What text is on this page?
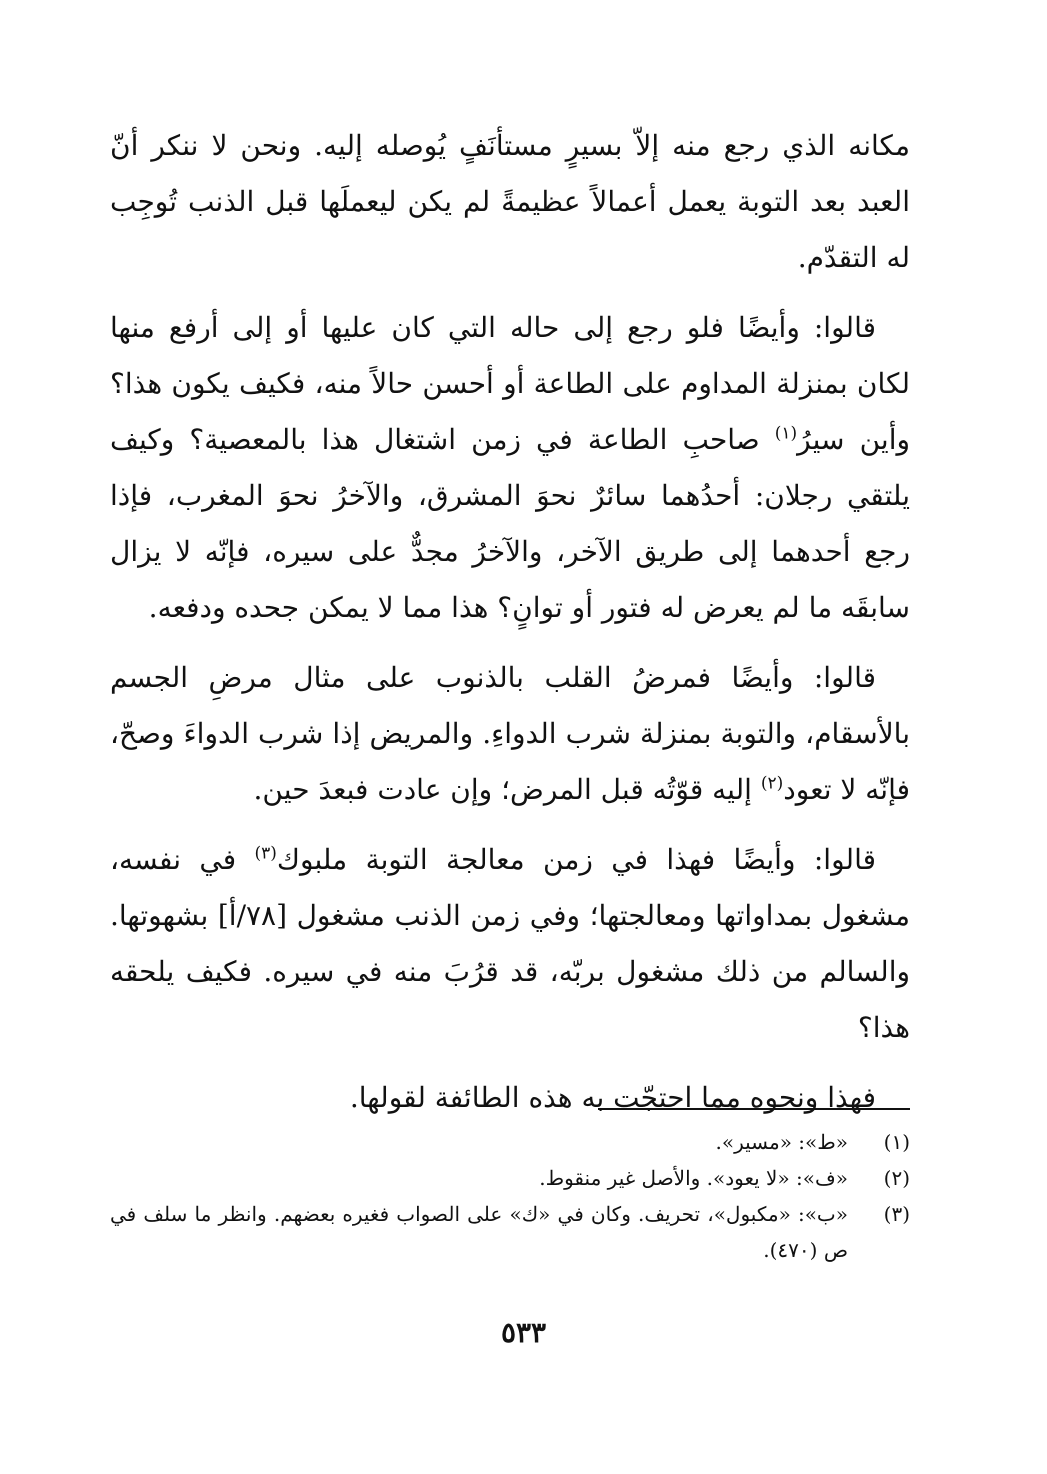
مكانه الذي رجع منه إلاّ بسيرٍ مستأنَفٍ يُوصله إليه. ونحن لا ننكر أنّ العبد بعد التوبة يعمل أعمالاً عظيمةً لم يكن ليعملَها قبل الذنب تُوجِب له التقدّم.

قالوا: وأيضًا فلو رجع إلى حاله التي كان عليها أو إلى أرفع منها لكان بمنزلة المداوم على الطاعة أو أحسن حالاً منه، فكيف يكون هذا؟ وأين سيرُ$^{(١)}$ صاحبِ الطاعة في زمن اشتغال هذا بالمعصية؟ وكيف يلتقي رجلان: أحدُهما سائرٌ نحوَ المشرق، والآخرُ نحوَ المغرب، فإذا رجع أحدهما إلى طريق الآخر، والآخرُ مجدٌّ على سيره، فإنّه لا يزال سابقَه ما لم يعرض له فتور أو توانٍ؟ هذا مما لا يمكن جحده ودفعه.

قالوا: وأيضًا فمرضُ القلب بالذنوب على مثال مرضِ الجسم بالأسقام، والتوبة بمنزلة شرب الدواءِ. والمريض إذا شرب الدواءَ وصحّ، فإنّه لا تعود$^{(٢)}$ إليه قوّتُه قبل المرض؛ وإن عادت فبعدَ حين.

قالوا: وأيضًا فهذا في زمن معالجة التوبة ملبوك$^{(٣)}$ في نفسه، مشغول بمداواتها ومعالجتها؛ وفي زمن الذنب مشغول [٧٨/أ] بشهوتها. والسالم من ذلك مشغول بربّه، قد قرُبَ منه في سيره. فكيف يلحقه هذا؟

فهذا ونحوه مما احتجّت به هذه الطائفة لقولها.

(١)
«ط»: «مسير».
(٢)
«ف»: «لا يعود». والأصل غير منقوط.
(٣)
«ب»: «مكبول»، تحريف. وكان في «ك» على الصواب فغيره بعضهم. وانظر ما سلف في ص (٤٧٠).
٥٣٣
